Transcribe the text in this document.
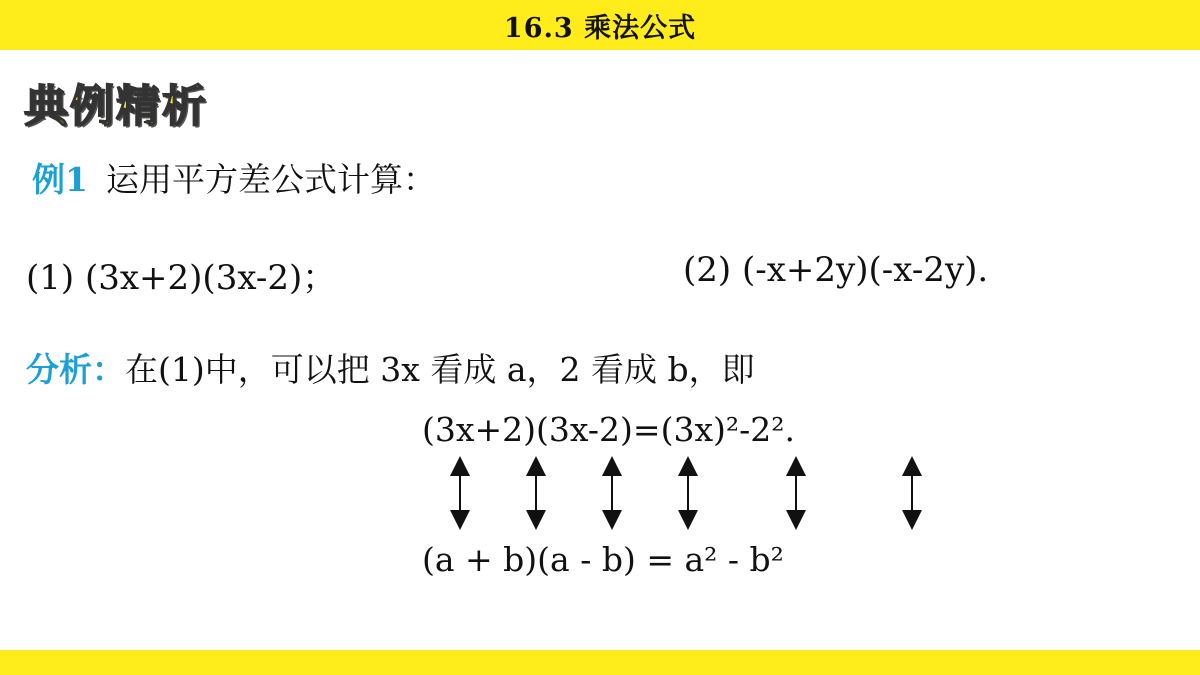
16.3 乘法公式
典例精析
例1 运用平方差公式计算：
(1) (3x+2)(3x-2)；	(2) (-x+2y)(-x-2y).
分析：在(1)中，可以把 3x 看成 a，2 看成 b，即
(3x+2)(3x-2)=(3x)²-2².
(a + b)(a - b) = a² - b²
